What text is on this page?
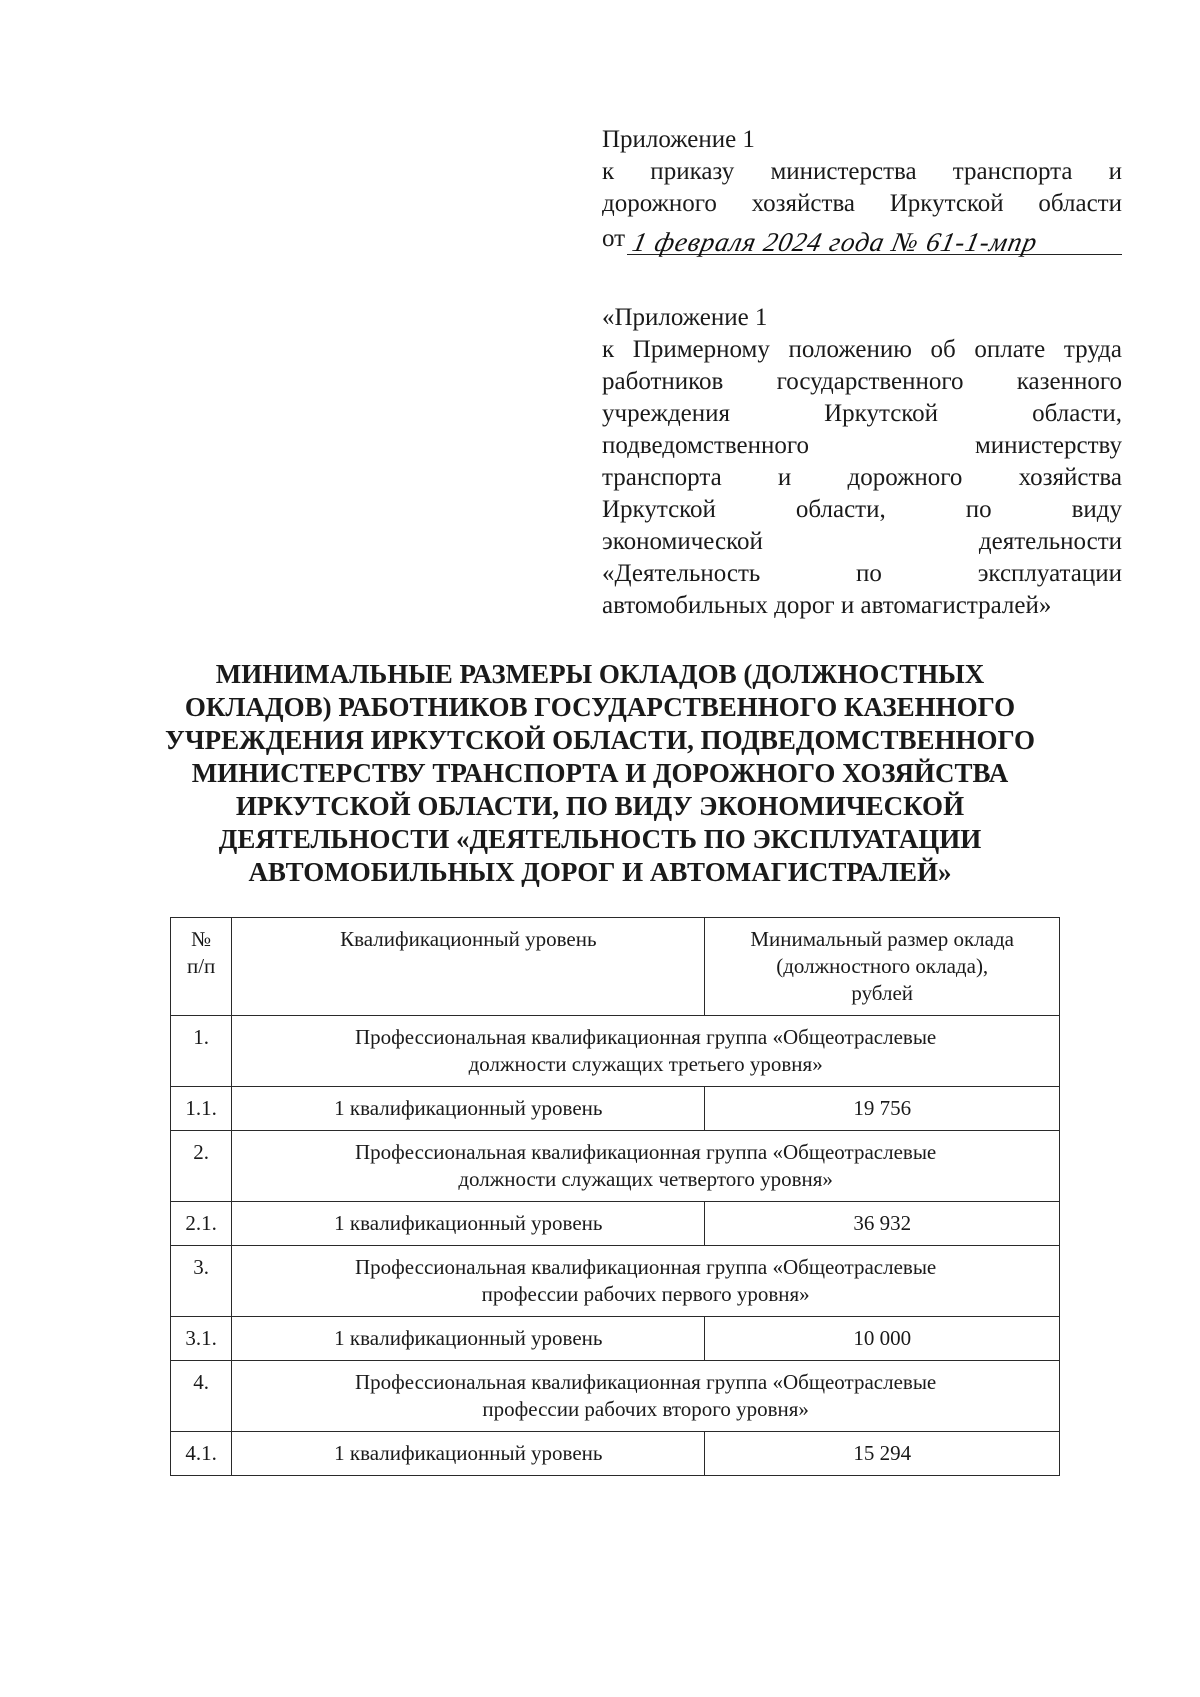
Приложение 1
к приказу министерства транспорта и
дорожного хозяйства Иркутской области
от 1 февраля 2024 года № 61-1-мпр
«Приложение 1
к Примерному положению об оплате труда
работников государственного казенного
учреждения Иркутской области,
подведомственного министерству
транспорта и дорожного хозяйства
Иркутской области, по виду
экономической деятельности
«Деятельность по эксплуатации
автомобильных дорог и автомагистралей»
МИНИМАЛЬНЫЕ РАЗМЕРЫ ОКЛАДОВ (ДОЛЖНОСТНЫХ
ОКЛАДОВ) РАБОТНИКОВ ГОСУДАРСТВЕННОГО КАЗЕННОГО
УЧРЕЖДЕНИЯ ИРКУТСКОЙ ОБЛАСТИ, ПОДВЕДОМСТВЕННОГО
МИНИСТЕРСТВУ ТРАНСПОРТА И ДОРОЖНОГО ХОЗЯЙСТВА
ИРКУТСКОЙ ОБЛАСТИ, ПО ВИДУ ЭКОНОМИЧЕСКОЙ
ДЕЯТЕЛЬНОСТИ «ДЕЯТЕЛЬНОСТЬ ПО ЭКСПЛУАТАЦИИ
АВТОМОБИЛЬНЫХ ДОРОГ И АВТОМАГИСТРАЛЕЙ»
№
п/п	Квалификационный уровень	Минимальный размер оклада
(должностного оклада),
рублей

1.	Профессиональная квалификационная группа «Общеотраслевые
должности служащих третьего уровня»	

1.1.	1 квалификационный уровень	19 756
2.	Профессиональная квалификационная группа «Общеотраслевые
должности служащих четвертого уровня»	

2.1.	1 квалификационный уровень	36 932
3.	Профессиональная квалификационная группа «Общеотраслевые
профессии рабочих первого уровня»	

3.1.	1 квалификационный уровень	10 000
4.	Профессиональная квалификационная группа «Общеотраслевые
профессии рабочих второго уровня»	

4.1.	1 квалификационный уровень	15 294
